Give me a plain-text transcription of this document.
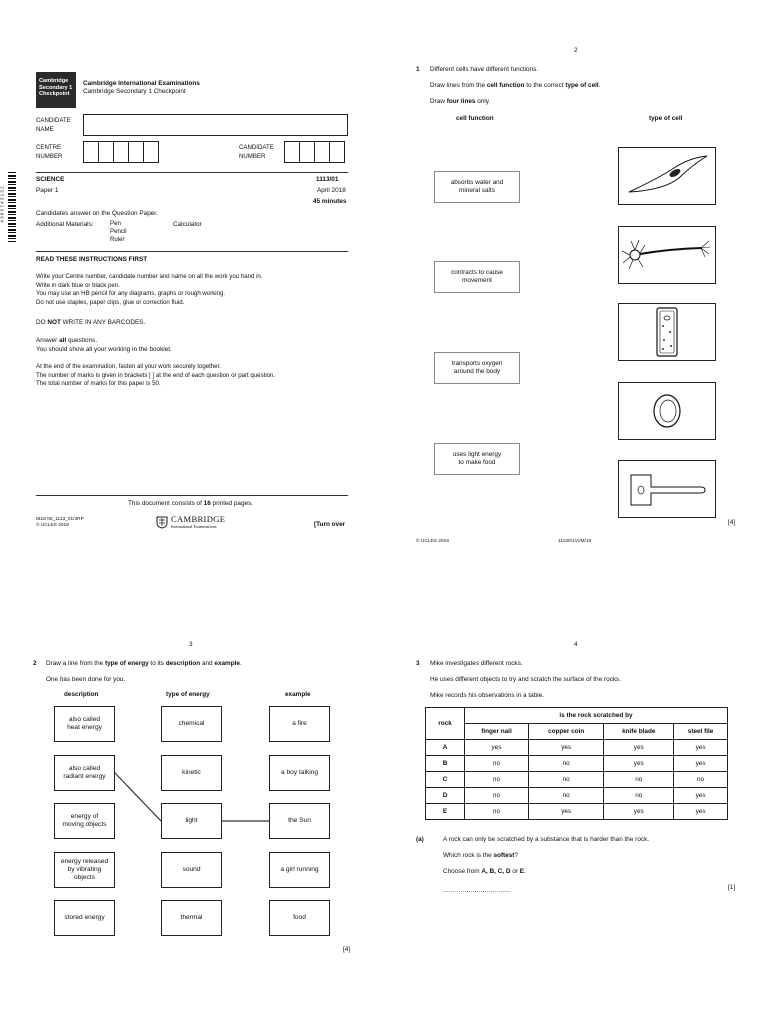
Cambridge
Secondary 1
Checkpoint
Cambridge International Examinations
Cambridge Secondary 1 Checkpoint
CANDIDATE
NAME
CENTRE
NUMBER
CANDIDATE
NUMBER
4 3 6 5 7 4 3 1 3 2
SCIENCE	1113/01
Paper 1	April 2018
45 minutes
Candidates answer on the Question Paper.
Additional Materials:	Pen
Pencil
Ruler
Calculator
READ THESE INSTRUCTIONS FIRST
Write your Centre number, candidate number and name on all the work you hand in.
Write in dark blue or black pen.
You may use an HB pencil for any diagrams, graphs or rough working.
Do not use staples, paper clips, glue or correction fluid.
DO NOT WRITE IN ANY BARCODES.
Answer all questions.
You should show all your working in the booklet.
At the end of the examination, fasten all your work securely together.
The number of marks is given in brackets [ ] at the end of each question or part question.
The total number of marks for this paper is 50.
This document consists of 16 printed pages.
IB18 05_1113_01/3RP
© UCLES 2018
CAMBRIDGE
International Examinations	[Turn over
2
1 Different cells have different functions.
Draw lines from the cell function to the correct type of cell.
Draw four lines only.
cell function	type of cell
absorbs water and
mineral salts
contracts to cause
movement
transports oxygen
around the body
uses light energy
to make food
[4]
© UCLES 2018	1113/01/A/M/18
3
2 Draw a line from the type of energy to its description and example.
One has been done for you.
description	type of energy	example
also called
heat energy
also called
radiant energy
energy of
moving objects
energy released
by vibrating
objects
stored energy
chemical
kinetic
light
sound
thermal
a fire
a boy talking
the Sun
a girl running
food
[4]
4
3 Mike investigates different rocks.
He uses different objects to try and scratch the surface of the rocks.
Mike records his observations in a table.
rock	is the rock scratched by			
	finger nail	copper coin	knife blade	steel file
A	yes	yes	yes	yes
B	no	no	yes	yes
C	no	no	no	no
D	no	no	no	yes
E	no	yes	yes	yes
(a)	A rock can only be scratched by a substance that is harder than the rock.
Which rock is the softest?
Choose from A, B, C, D or E.
..................................	[1]
